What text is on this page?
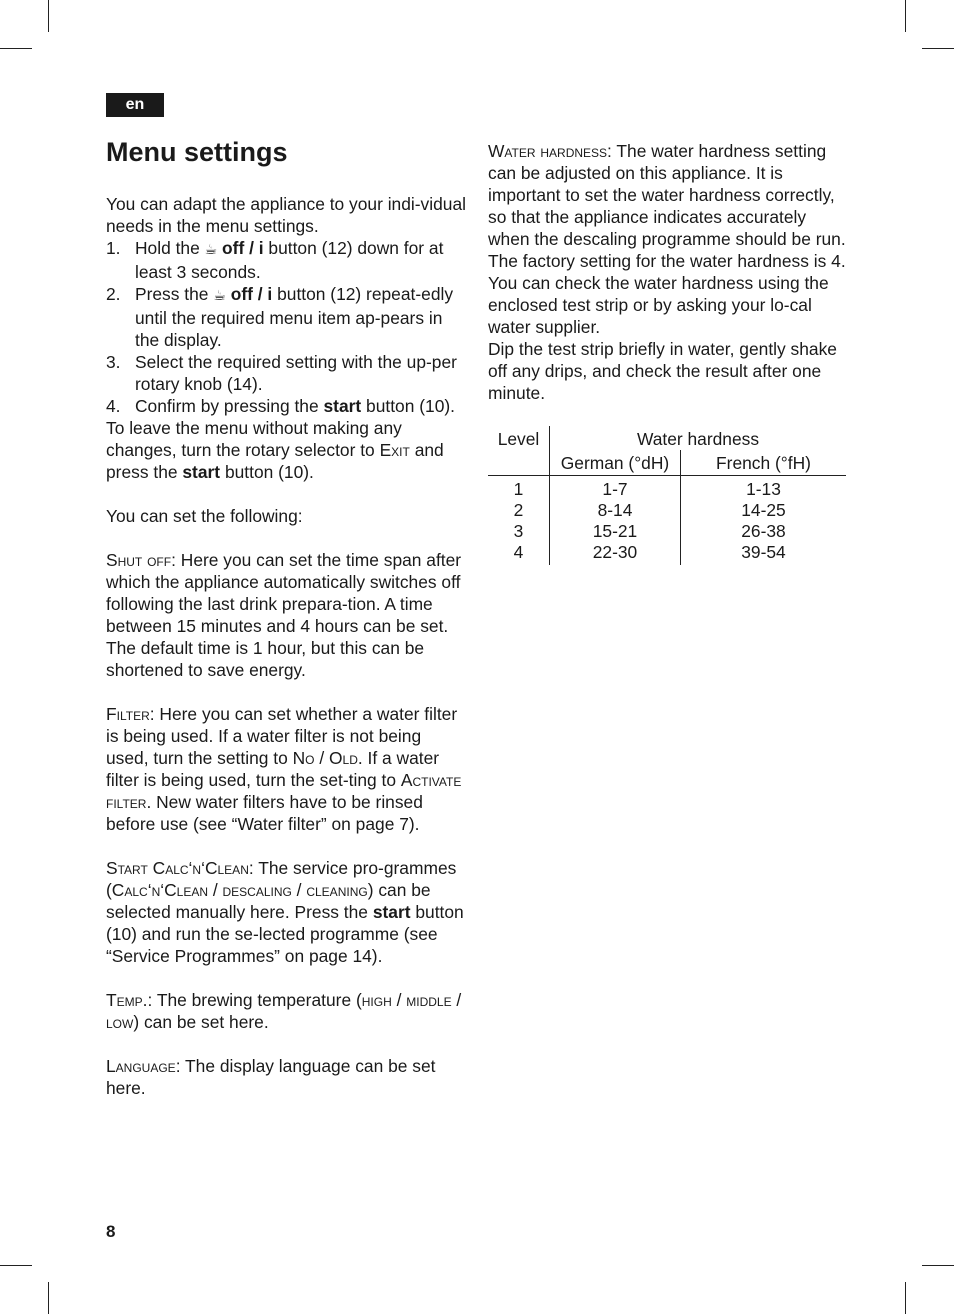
en
Menu settings

You can adapt the appliance to your indi-vidual needs in the menu settings.

1. Hold the ☕︎ off / i button (12) down for at least 3 seconds.
2. Press the ☕︎ off / i button (12) repeat-edly until the required menu item ap-pears in the display.
3. Select the required setting with the up-per rotary knob (14).
4. Confirm by pressing the start button (10).

To leave the menu without making any changes, turn the rotary selector to Exit and press the start button (10).

You can set the following:

Shut off: Here you can set the time span after which the appliance automatically switches off following the last drink prepara-tion. A time between 15 minutes and 4 hours can be set. The default time is 1 hour, but this can be shortened to save energy.

Filter: Here you can set whether a water filter is being used. If a water filter is not being used, turn the setting to No / Old. If a water filter is being used, turn the set-ting to Activate filter. New water filters have to be rinsed before use (see “Water filter” on page 7).

Start Calc‘n‘Clean: The service pro-grammes (Calc‘n‘Clean / descaling / cleaning) can be selected manually here. Press the start button (10) and run the se-lected programme (see “Service Programmes” on page 14).

Temp.: The brewing temperature (high / middle / low) can be set here.

Language: The display language can be set here.

Water hardness: The water hardness setting can be adjusted on this appliance. It is important to set the water hardness correctly, so that the appliance indicates accurately when the descaling programme should be run. The factory setting for the water hardness is 4.

You can check the water hardness using the enclosed test strip or by asking your lo-cal water supplier.

Dip the test strip briefly in water, gently shake off any drips, and check the result after one minute.

Level	Water hardness	
	German (°dH)	French (°fH)
1	1-7	1-13
2	8-14	14-25
3	15-21	26-38
4	22-30	39-54
8
